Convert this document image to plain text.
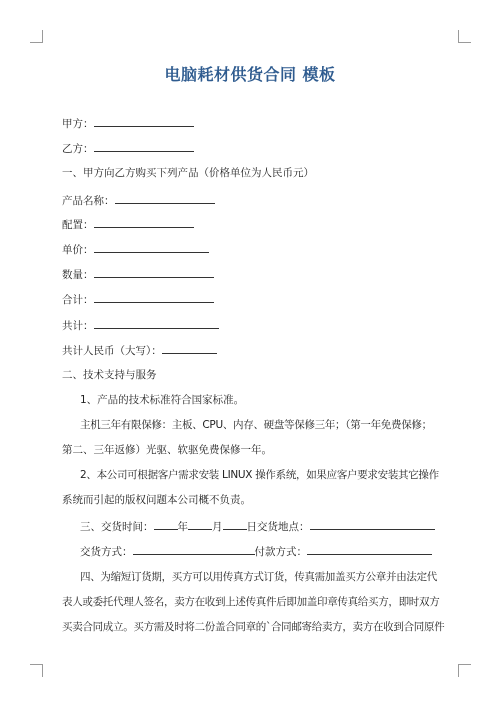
电脑耗材供货合同 模板
甲方：
乙方：
一、甲方向乙方购买下列产品（价格单位为人民币元）
产品名称：
配置：
单价：
数量：
合计：
共计：
共计人民币（大写）：
二、技术支持与服务
1、产品的技术标准符合国家标准。
主机三年有限保修：主板、CPU、内存、硬盘等保修三年；（第一年免费保修；
第二、三年返修）光驱、软驱免费保修一年。
2、本公司可根据客户需求安装 LINUX 操作系统，如果应客户要求安装其它操作
系统而引起的版权问题本公司概不负责。
三、交货时间： 年 月 日交货地点：
交货方式：	付款方式：
四、为缩短订货期，买方可以用传真方式订货，传真需加盖买方公章并由法定代
表人或委托代理人签名，卖方在收到上述传真件后即加盖印章传真给买方，即时双方
买卖合同成立。买方需及时将二份盖合同章的`合同邮寄给卖方，卖方在收到合同原件
